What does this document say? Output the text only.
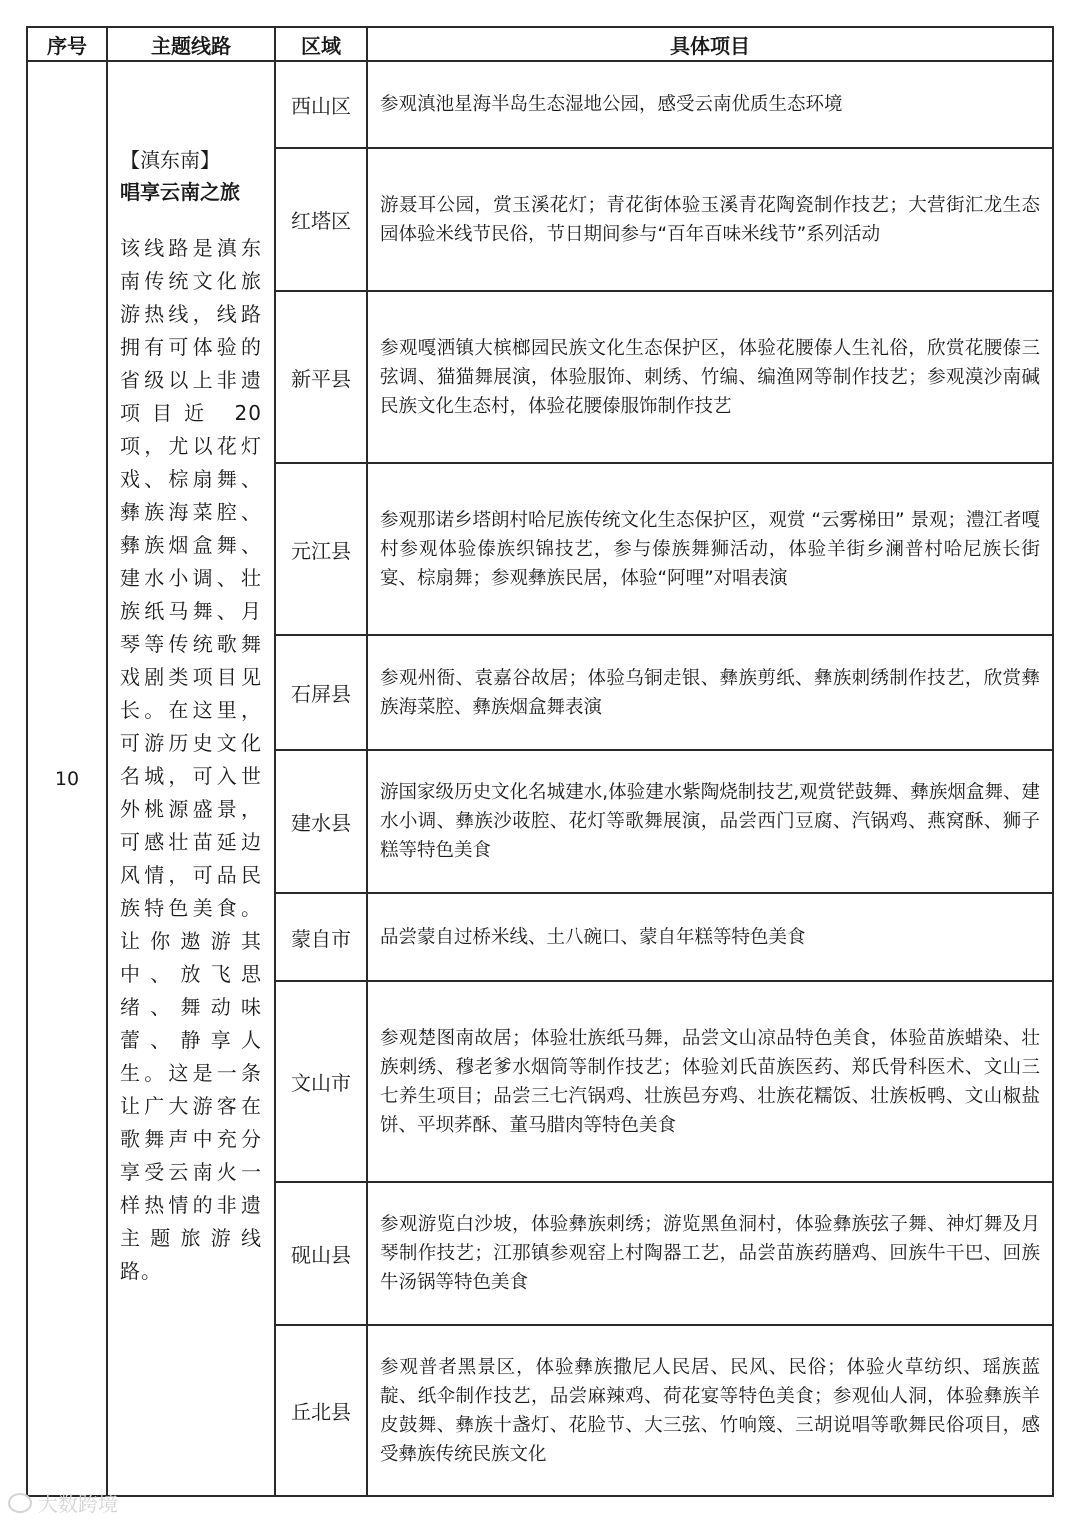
序号	主题线路	区域	具体项目
10	【滇东南】
唱享云南之旅
该线路是滇东南传统文化旅游热线，线路拥有可体验的省级以上非遗项目近 20 项，尤以花灯戏、棕扇舞、彝族海菜腔、彝族烟盒舞、建水小调、壮族纸马舞、月琴等传统歌舞戏剧类项目见长。在这里，可游历史文化名城，可入世外桃源盛景，可感壮苗延边风情，可品民族特色美食。让你遨游其中、放飞思绪、舞动味蕾、静享人生。这是一条让广大游客在歌舞声中充分享受云南火一样热情的非遗主题旅游线路。	西山区	参观滇池星海半岛生态湿地公园，感受云南优质生态环境
		红塔区	游聂耳公园，赏玉溪花灯；青花街体验玉溪青花陶瓷制作技艺；大营街汇龙生态园体验米线节民俗，节日期间参与“百年百味米线节”系列活动
		新平县	参观嘎洒镇大槟榔园民族文化生态保护区，体验花腰傣人生礼俗，欣赏花腰傣三弦调、猫猫舞展演，体验服饰、刺绣、竹编、编渔网等制作技艺；参观漠沙南碱民族文化生态村，体验花腰傣服饰制作技艺
		元江县	参观那诺乡塔朗村哈尼族传统文化生态保护区，观赏 “云雾梯田” 景观；澧江者嘎村参观体验傣族织锦技艺，参与傣族舞狮活动，体验羊街乡澜普村哈尼族长街宴、棕扇舞；参观彝族民居，体验“阿哩”对唱表演
		石屏县	参观州衙、袁嘉谷故居；体验乌铜走银、彝族剪纸、彝族刺绣制作技艺，欣赏彝族海菜腔、彝族烟盒舞表演
		建水县	游国家级历史文化名城建水,体验建水紫陶烧制技艺,观赏铓鼓舞、彝族烟盒舞、建水小调、彝族沙荍腔、花灯等歌舞展演，品尝西门豆腐、汽锅鸡、燕窝酥、狮子糕等特色美食
		蒙自市	品尝蒙自过桥米线、土八碗口、蒙自年糕等特色美食
		文山市	参观楚图南故居；体验壮族纸马舞，品尝文山凉品特色美食，体验苗族蜡染、壮族刺绣、穆老爹水烟筒等制作技艺；体验刘氏苗族医药、郑氏骨科医术、文山三七养生项目；品尝三七汽锅鸡、壮族邑夯鸡、壮族花糯饭、壮族板鸭、文山椒盐饼、平坝荞酥、董马腊肉等特色美食
		砚山县	参观游览白沙坡，体验彝族刺绣；游览黑鱼洞村，体验彝族弦子舞、神灯舞及月琴制作技艺；江那镇参观窑上村陶器工艺，品尝苗族药膳鸡、回族牛干巴、回族牛汤锅等特色美食
		丘北县	参观普者黑景区，体验彝族撒尼人民居、民风、民俗；体验火草纺织、瑶族蓝靛、纸伞制作技艺，品尝麻辣鸡、荷花宴等特色美食；参观仙人洞，体验彝族羊皮鼓舞、彝族十盏灯、花脸节、大三弦、竹响篾、三胡说唱等歌舞民俗项目，感受彝族传统民族文化
大数跨境
